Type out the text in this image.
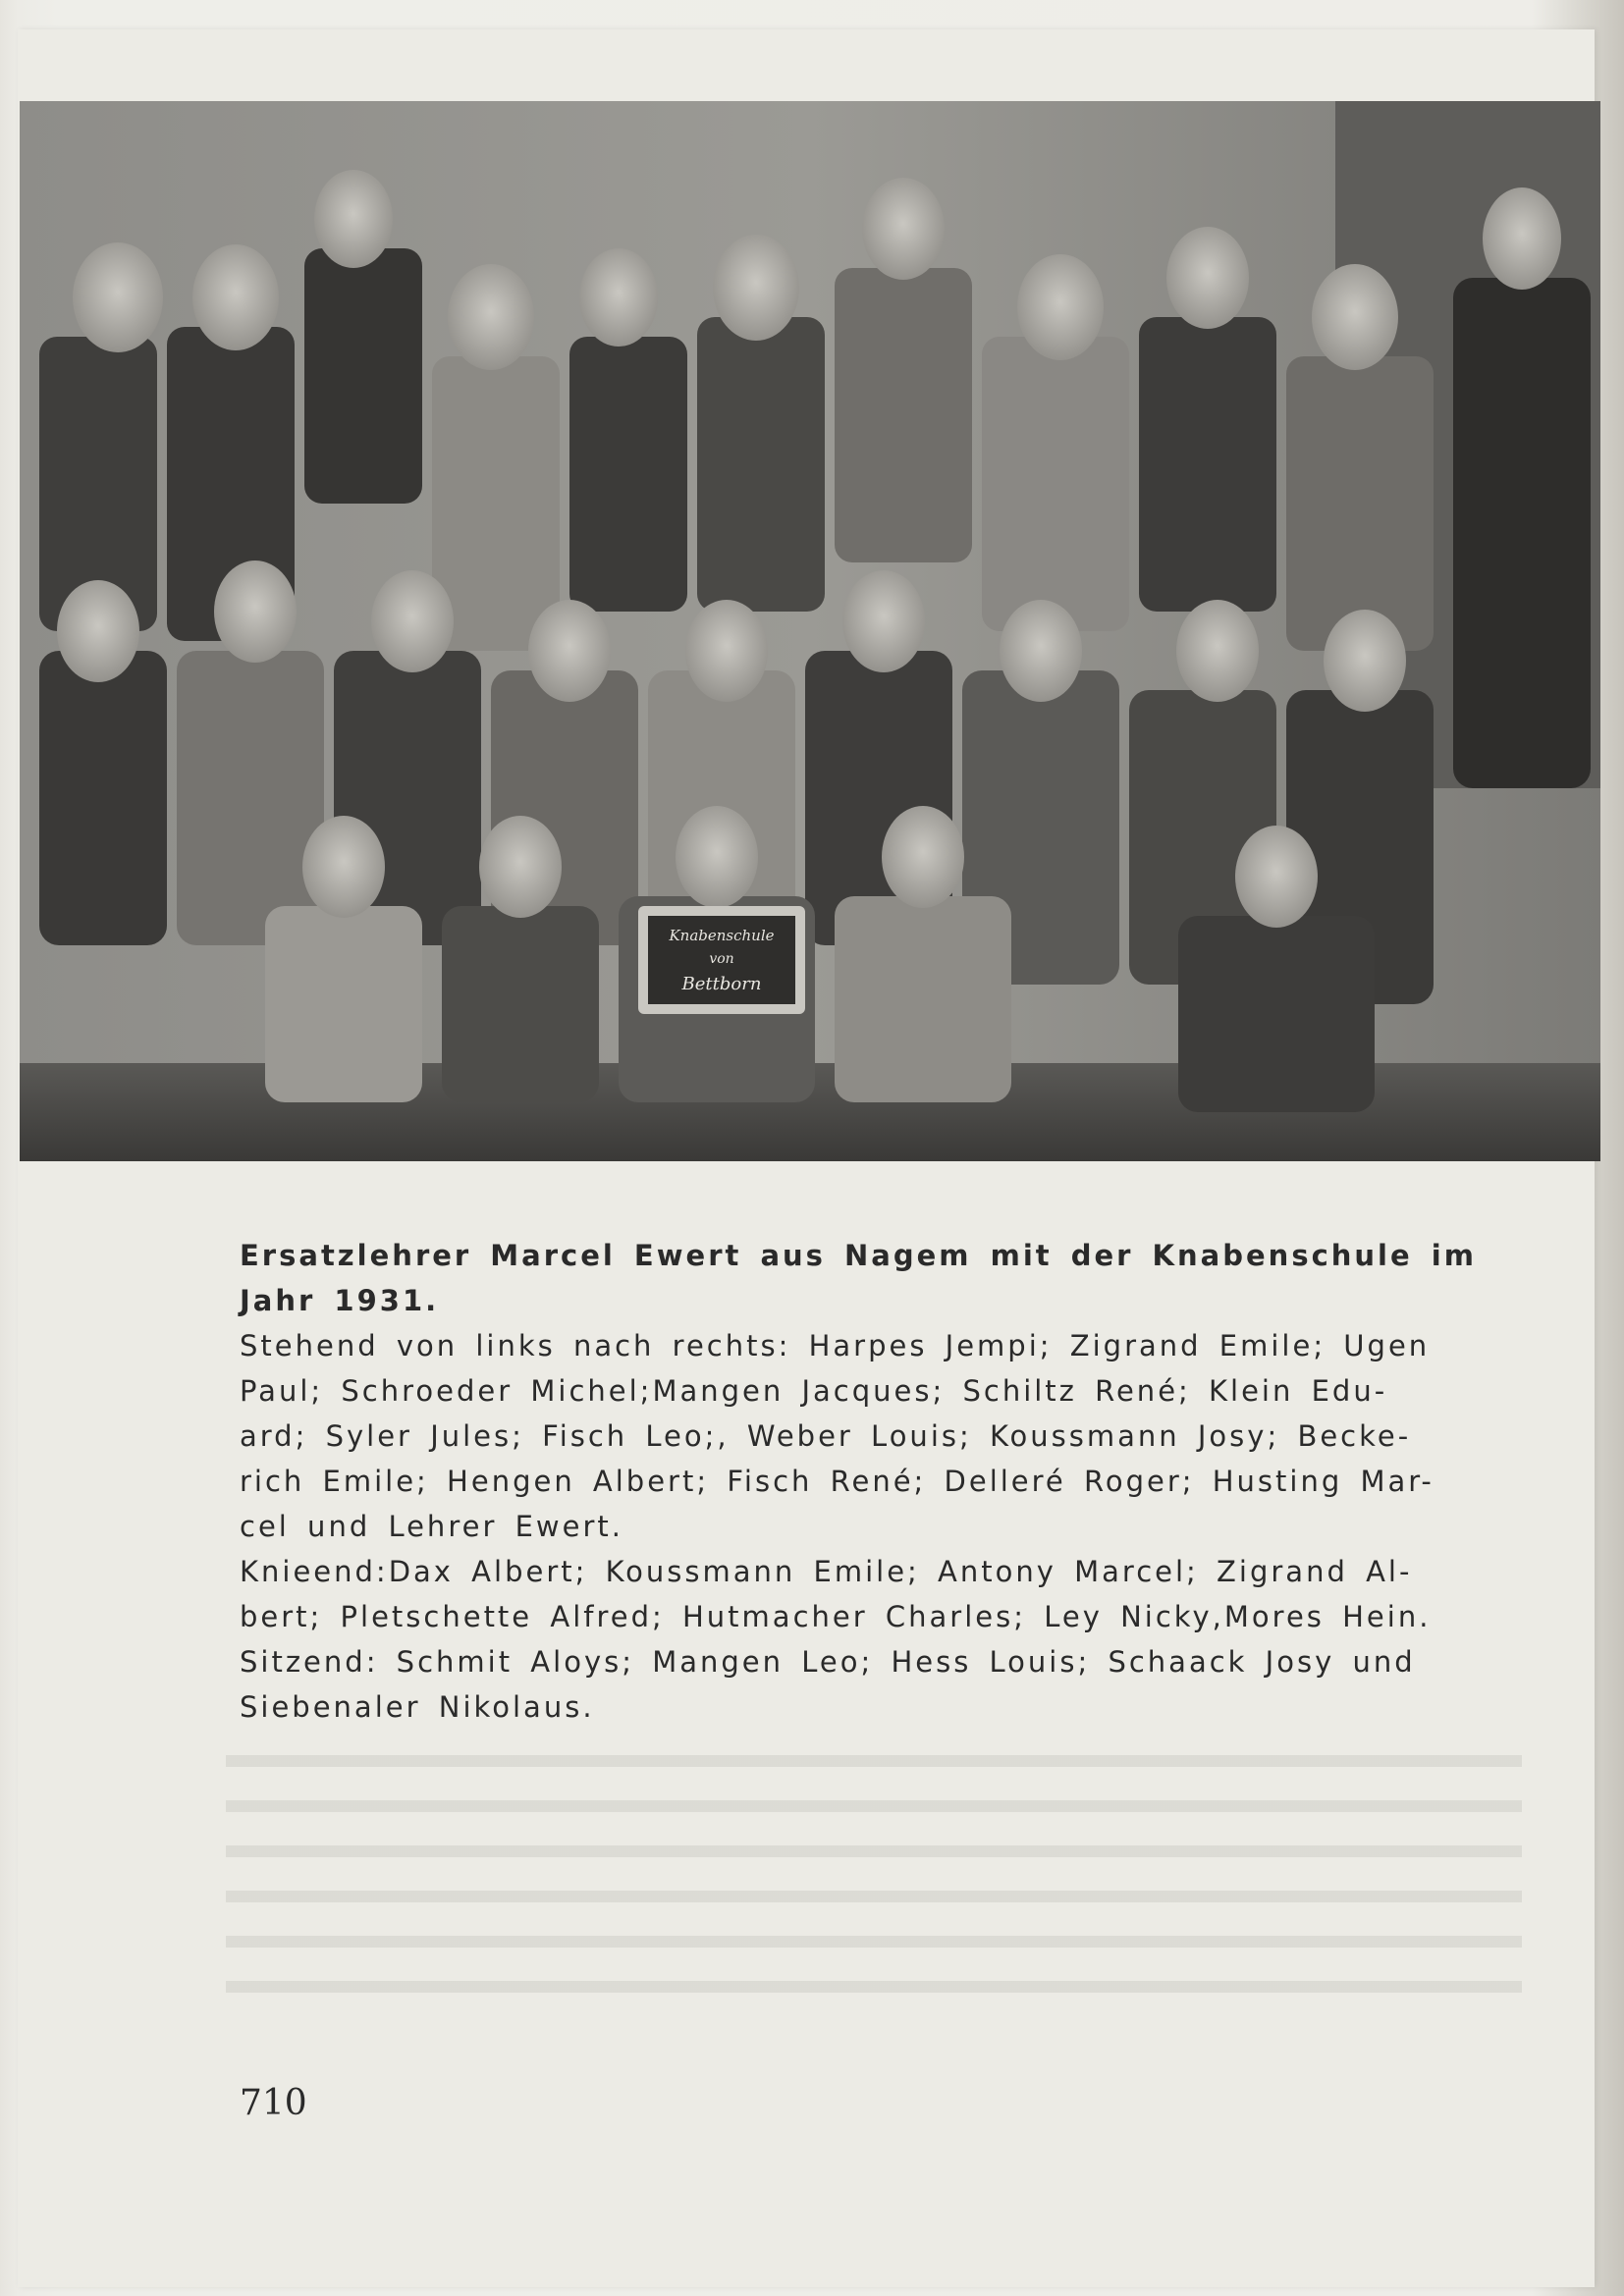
Knabenschule
von
Bettborn

Ersatzlehrer Marcel Ewert aus Nagem mit der Knabenschule im

Jahr 1931.

Stehend von links nach rechts: Harpes Jempi; Zigrand Emile; Ugen

Paul; Schroeder Michel;Mangen Jacques; Schiltz René; Klein Edu-

ard; Syler Jules; Fisch Leo;, Weber Louis; Koussmann Josy; Becke-

rich Emile; Hengen Albert; Fisch René; Delleré Roger; Husting Mar-

cel und Lehrer Ewert.

Knieend:Dax Albert; Koussmann Emile; Antony Marcel; Zigrand Al-

bert; Pletschette Alfred; Hutmacher Charles; Ley Nicky,Mores Hein.

Sitzend: Schmit Aloys; Mangen Leo; Hess Louis; Schaack Josy und

Siebenaler Nikolaus.

710
